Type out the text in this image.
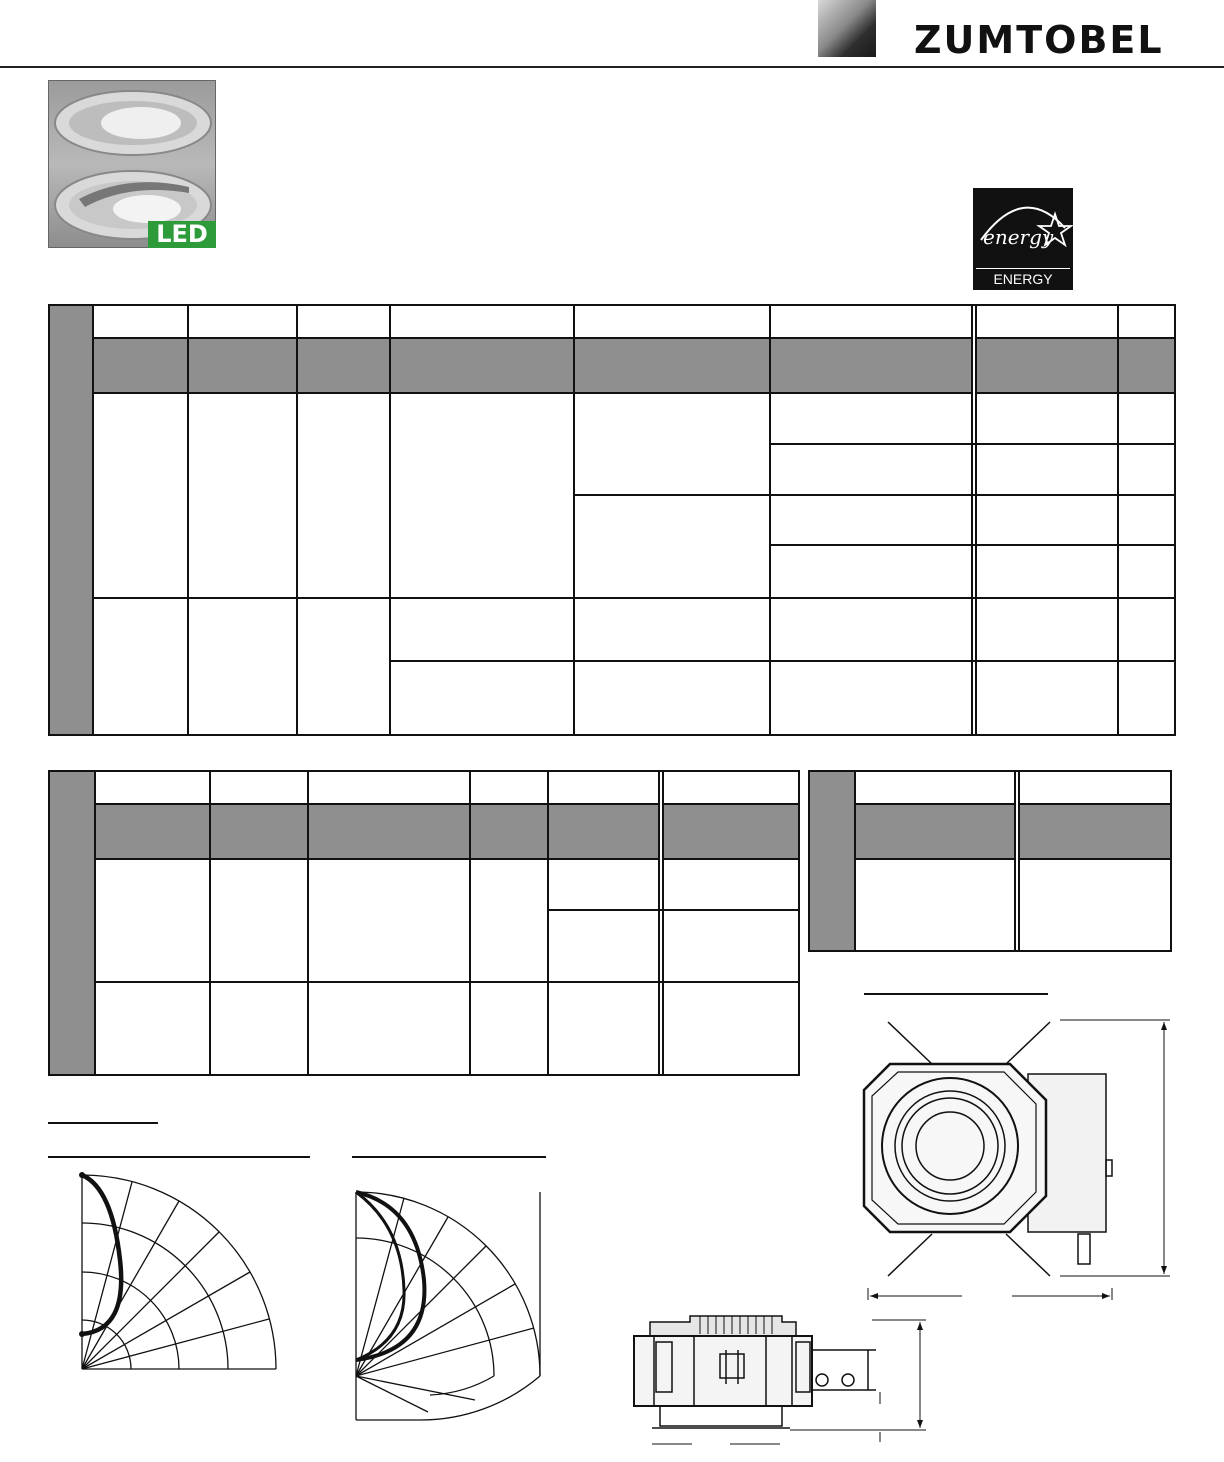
ZUMTOBEL
LED	energy
ENERGY STAR
